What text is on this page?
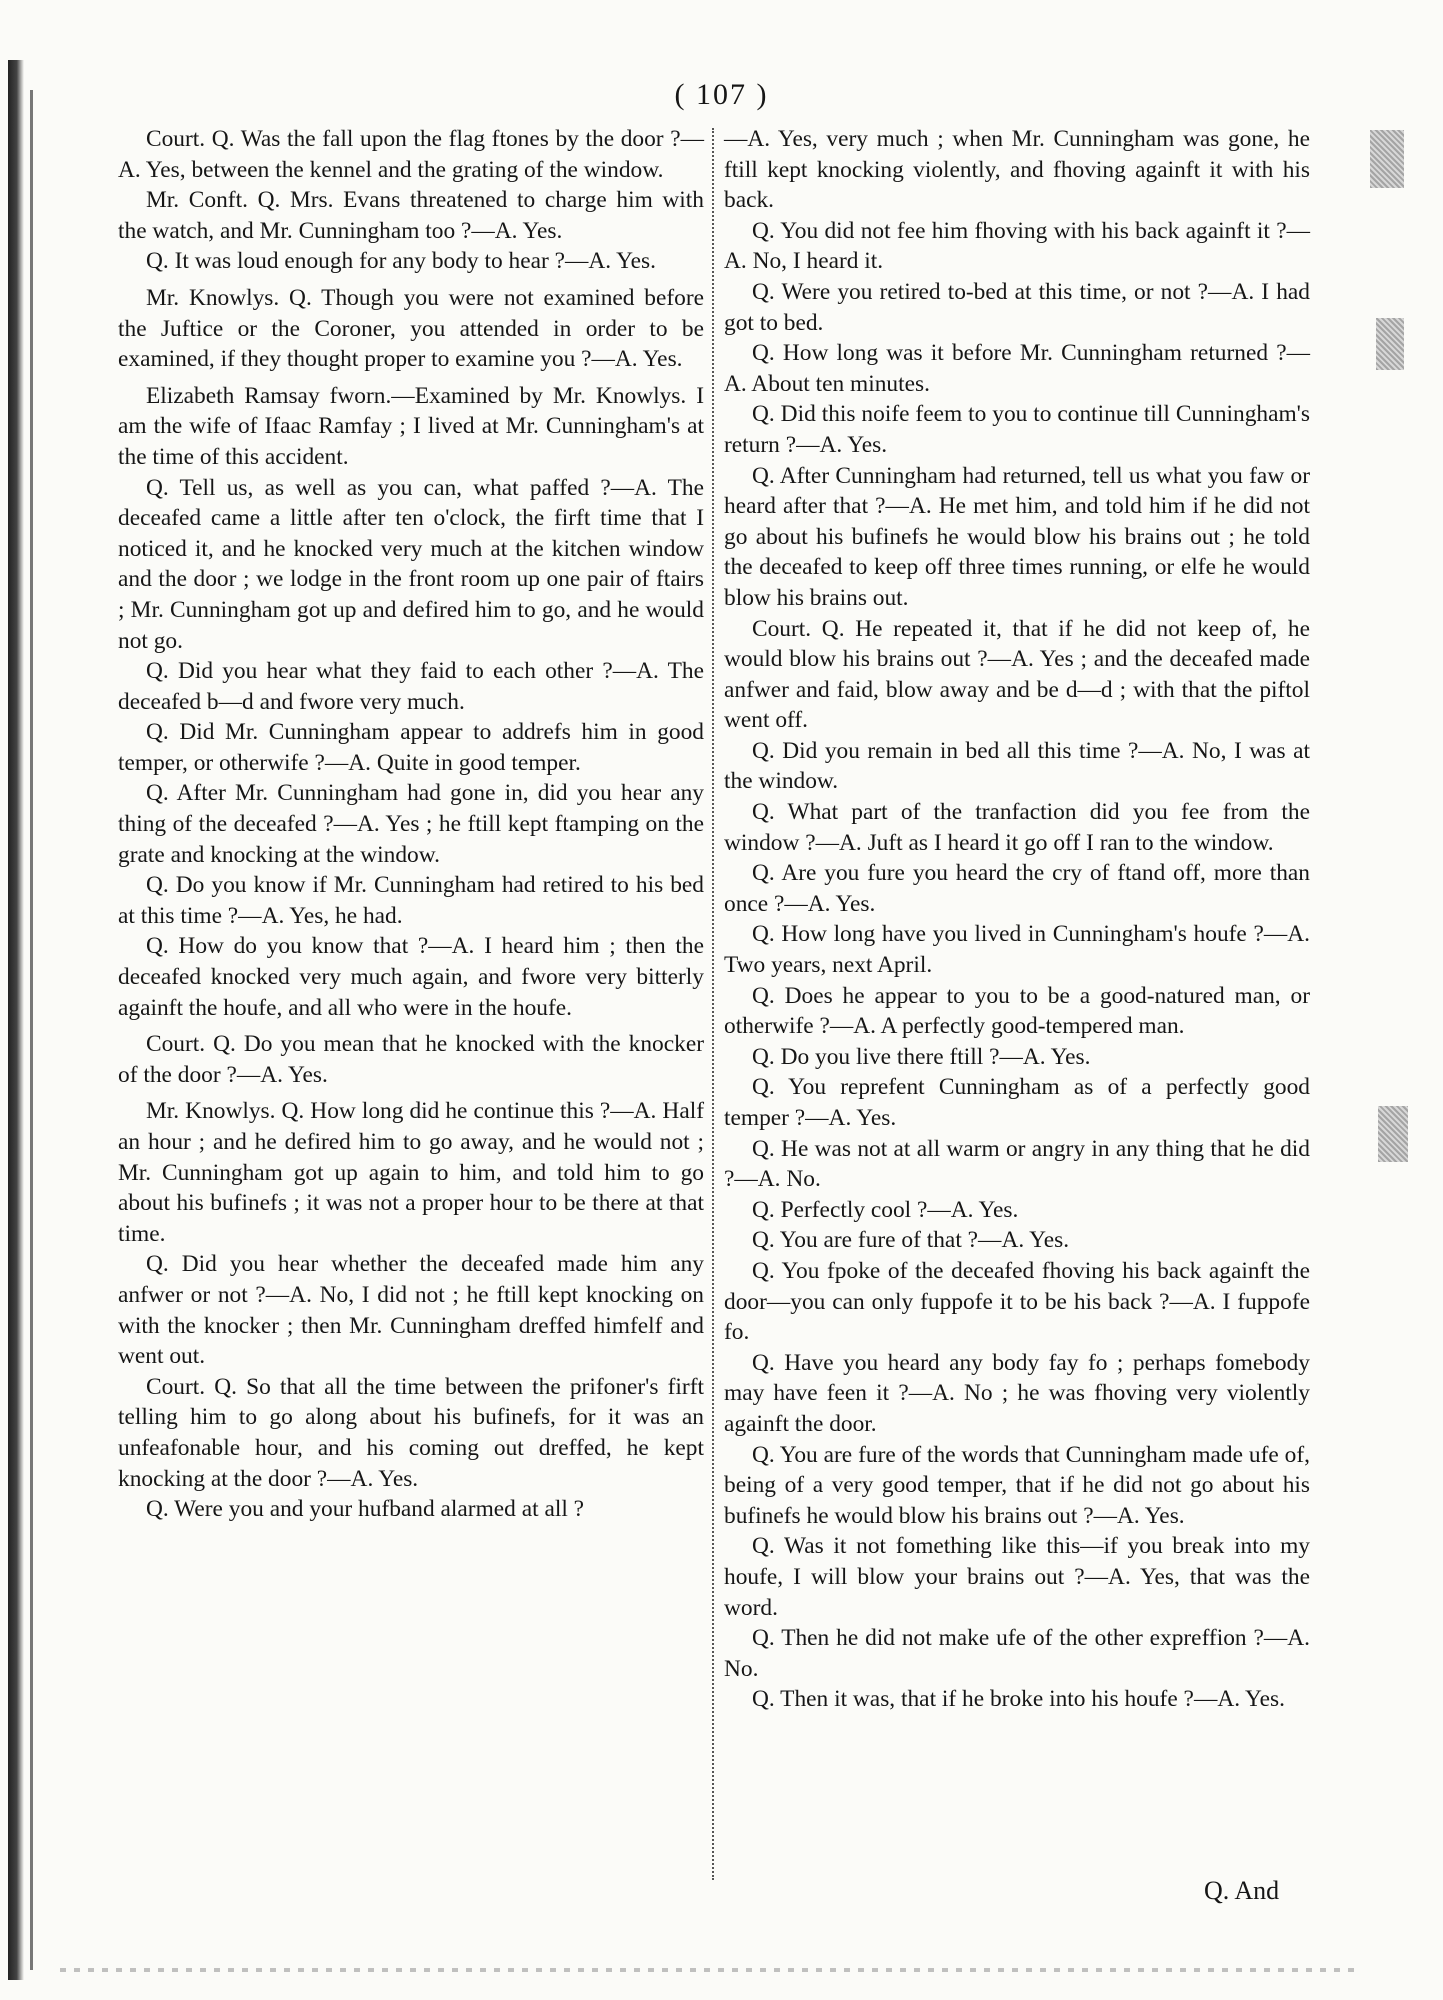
( 107 )

Court. Q. Was the fall upon the flag ftones by the door ?—A. Yes, between the kennel and the grating of the window.

Mr. Conft. Q. Mrs. Evans threatened to charge him with the watch, and Mr. Cunningham too ?—A. Yes.

Q. It was loud enough for any body to hear ?—A. Yes.

Mr. Knowlys. Q. Though you were not examined before the Juftice or the Coroner, you attended in order to be examined, if they thought proper to examine you ?—A. Yes.

Elizabeth Ramsay fworn.—Examined by Mr. Knowlys. I am the wife of Ifaac Ramfay ; I lived at Mr. Cunningham's at the time of this accident.

Q. Tell us, as well as you can, what paffed ?—A. The deceafed came a little after ten o'clock, the firft time that I noticed it, and he knocked very much at the kitchen window and the door ; we lodge in the front room up one pair of ftairs ; Mr. Cunningham got up and defired him to go, and he would not go.

Q. Did you hear what they faid to each other ?—A. The deceafed b—d and fwore very much.

Q. Did Mr. Cunningham appear to addrefs him in good temper, or otherwife ?—A. Quite in good temper.

Q. After Mr. Cunningham had gone in, did you hear any thing of the deceafed ?—A. Yes ; he ftill kept ftamping on the grate and knocking at the window.

Q. Do you know if Mr. Cunningham had retired to his bed at this time ?—A. Yes, he had.

Q. How do you know that ?—A. I heard him ; then the deceafed knocked very much again, and fwore very bitterly againft the houfe, and all who were in the houfe.

Court. Q. Do you mean that he knocked with the knocker of the door ?—A. Yes.

Mr. Knowlys. Q. How long did he continue this ?—A. Half an hour ; and he defired him to go away, and he would not ; Mr. Cunningham got up again to him, and told him to go about his bufinefs ; it was not a proper hour to be there at that time.

Q. Did you hear whether the deceafed made him any anfwer or not ?—A. No, I did not ; he ftill kept knocking on with the knocker ; then Mr. Cunningham dreffed himfelf and went out.

Court. Q. So that all the time between the prifoner's firft telling him to go along about his bufinefs, for it was an unfeafonable hour, and his coming out dreffed, he kept knocking at the door ?—A. Yes.

Q. Were you and your hufband alarmed at all ?

—A. Yes, very much ; when Mr. Cunningham was gone, he ftill kept knocking violently, and fhoving againft it with his back.

Q. You did not fee him fhoving with his back againft it ?—A. No, I heard it.

Q. Were you retired to-bed at this time, or not ?—A. I had got to bed.

Q. How long was it before Mr. Cunningham returned ?—A. About ten minutes.

Q. Did this noife feem to you to continue till Cunningham's return ?—A. Yes.

Q. After Cunningham had returned, tell us what you faw or heard after that ?—A. He met him, and told him if he did not go about his bufinefs he would blow his brains out ; he told the deceafed to keep off three times running, or elfe he would blow his brains out.

Court. Q. He repeated it, that if he did not keep of, he would blow his brains out ?—A. Yes ; and the deceafed made anfwer and faid, blow away and be d—d ; with that the piftol went off.

Q. Did you remain in bed all this time ?—A. No, I was at the window.

Q. What part of the tranfaction did you fee from the window ?—A. Juft as I heard it go off I ran to the window.

Q. Are you fure you heard the cry of ftand off, more than once ?—A. Yes.

Q. How long have you lived in Cunningham's houfe ?—A. Two years, next April.

Q. Does he appear to you to be a good-natured man, or otherwife ?—A. A perfectly good-tempered man.

Q. Do you live there ftill ?—A. Yes.

Q. You reprefent Cunningham as of a perfectly good temper ?—A. Yes.

Q. He was not at all warm or angry in any thing that he did ?—A. No.

Q. Perfectly cool ?—A. Yes.

Q. You are fure of that ?—A. Yes.

Q. You fpoke of the deceafed fhoving his back againft the door—you can only fuppofe it to be his back ?—A. I fuppofe fo.

Q. Have you heard any body fay fo ; perhaps fomebody may have feen it ?—A. No ; he was fhoving very violently againft the door.

Q. You are fure of the words that Cunningham made ufe of, being of a very good temper, that if he did not go about his bufinefs he would blow his brains out ?—A. Yes.

Q. Was it not fomething like this—if you break into my houfe, I will blow your brains out ?—A. Yes, that was the word.

Q. Then he did not make ufe of the other expreffion ?—A. No.

Q. Then it was, that if he broke into his houfe ?—A. Yes.

Q. And
